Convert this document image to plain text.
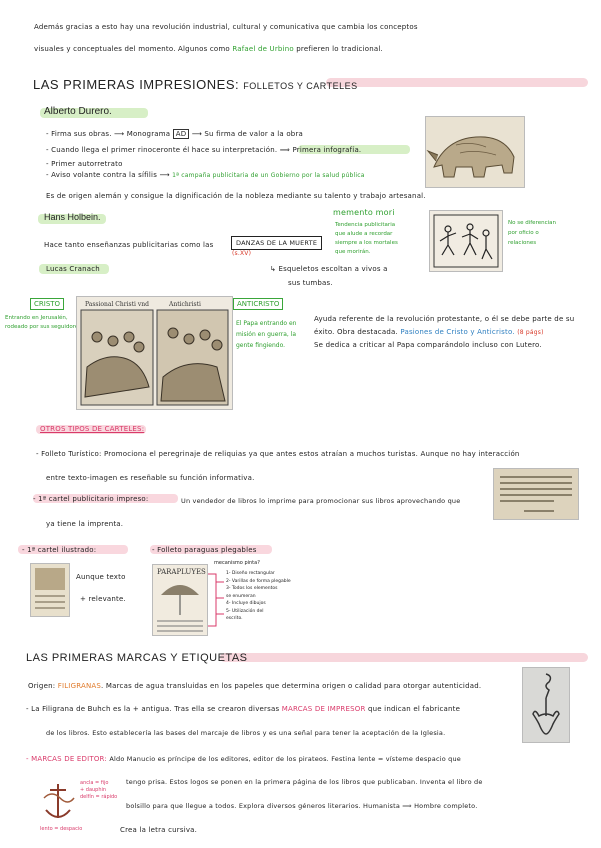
Además gracias a esto hay una revolución industrial, cultural y comunicativa que cambia los conceptos
visuales y conceptuales del momento. Algunos como Rafael de Urbino prefieren lo tradicional.
LAS PRIMERAS IMPRESIONES: FOLLETOS Y CARTELES
Alberto Durero.
- Firma sus obras. ⟶ Monograma AD ⟶ Su firma de valor a la obra
- Cuando llega el primer rinoceronte él hace su interpretación. ⟹ Primera infografía.
- Primer autorretrato
- Aviso volante contra la sífilis ⟶ 1ª campaña publicitaria de un Gobierno por la salud pública
Es de origen alemán y consigue la dignificación de la nobleza mediante su talento y trabajo artesanal.
Hans Holbein.
Hace tanto enseñanzas publicitarias como las	DANZAS DE LA MUERTE
(s.XV)
↳ Esqueletos escoltan a vivos a
sus tumbas.
memento mori
Tendencia publicitaria
que alude a recordar
siempre a los mortales
que morirán.
No se diferencian
por oficio o
relaciones
Lucas Cranach
CRISTO
Entrando en Jerusalén,
rodeado por sus seguidores
ANTICRISTO
El Papa entrando en
misión en guerra, la
gente fingiendo.
Passional Christi vnd	Antichristi
Ayuda referente de la revolución protestante, o él se debe parte de su
éxito. Obra destacada. Pasiones de Cristo y Anticristo. (8 págs)
Se dedica a criticar al Papa comparándolo incluso con Lutero.
OTROS TIPOS DE CARTELES:
- Folleto Turístico: Promociona el peregrinaje de reliquias ya que antes estos atraían a muchos turistas. Aunque no hay interacción
entre texto-imagen es reseñable su función informativa.
- 1ª cartel publicitario impreso:	Un vendedor de libros lo imprime para promocionar sus libros aprovechando que
ya tiene la imprenta.
- 1ª cartel ilustrado:	- Folleto paraguas plegables
Aunque texto
+ relevante.
PARAPLUYES
mecanismo pinta?
1- Diseño rectangular
2- Varillas de forma plegable
3- Todos los elementos
se enumeran
4- Incluye dibujos
5- Utilización del
escrito.
LAS PRIMERAS MARCAS Y ETIQUETAS
Origen: FILIGRANAS. Marcas de agua transluidas en los papeles que determina origen o calidad para otorgar autenticidad.
- La Filigrana de Buhch es la + antigua. Tras ella se crearon diversas MARCAS DE IMPRESOR que indican el fabricante
de los libros. Esto establecería las bases del marcaje de libros y es una señal para tener la aceptación de la Iglesia.
- MARCAS DE EDITOR: Aldo Manucio es príncipe de los editores, editor de los pirateos. Festina lente = vísteme despacio que
tengo prisa. Estos logos se ponen en la primera página de los libros que publicaban. Inventa el libro de
bolsillo para que llegue a todos. Explora diversos géneros literarios. Humanista ⟹ Hombre completo.
Crea la letra cursiva.
ancla = fijo
+ dauphin
delfín = rápido
lento = despacio
